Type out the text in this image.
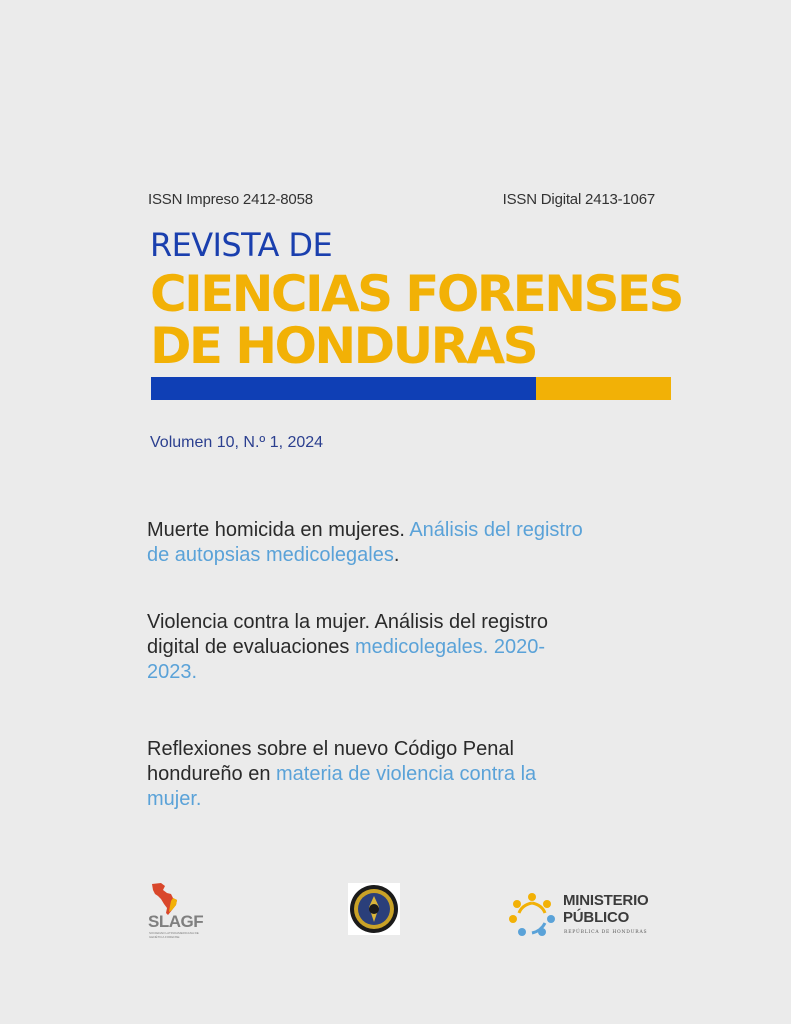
ISSN Impreso 2412-8058	ISSN Digital 2413-1067
REVISTA DE
CIENCIAS FORENSES
DE HONDURAS
Volumen 10, N.º 1, 2024
Muerte homicida en mujeres. Análisis del registro de autopsias medicolegales.
Violencia contra la mujer. Análisis del registro digital de evaluaciones medicolegales. 2020-2023.
Reflexiones sobre el nuevo Código Penal hondureño en materia de violencia contra la mujer.
SLAGF
SOCIEDAD LATINOAMERICANA DE GENÉTICA FORENSE
MINISTERIO
PÚBLICO
REPÚBLICA DE HONDURAS
